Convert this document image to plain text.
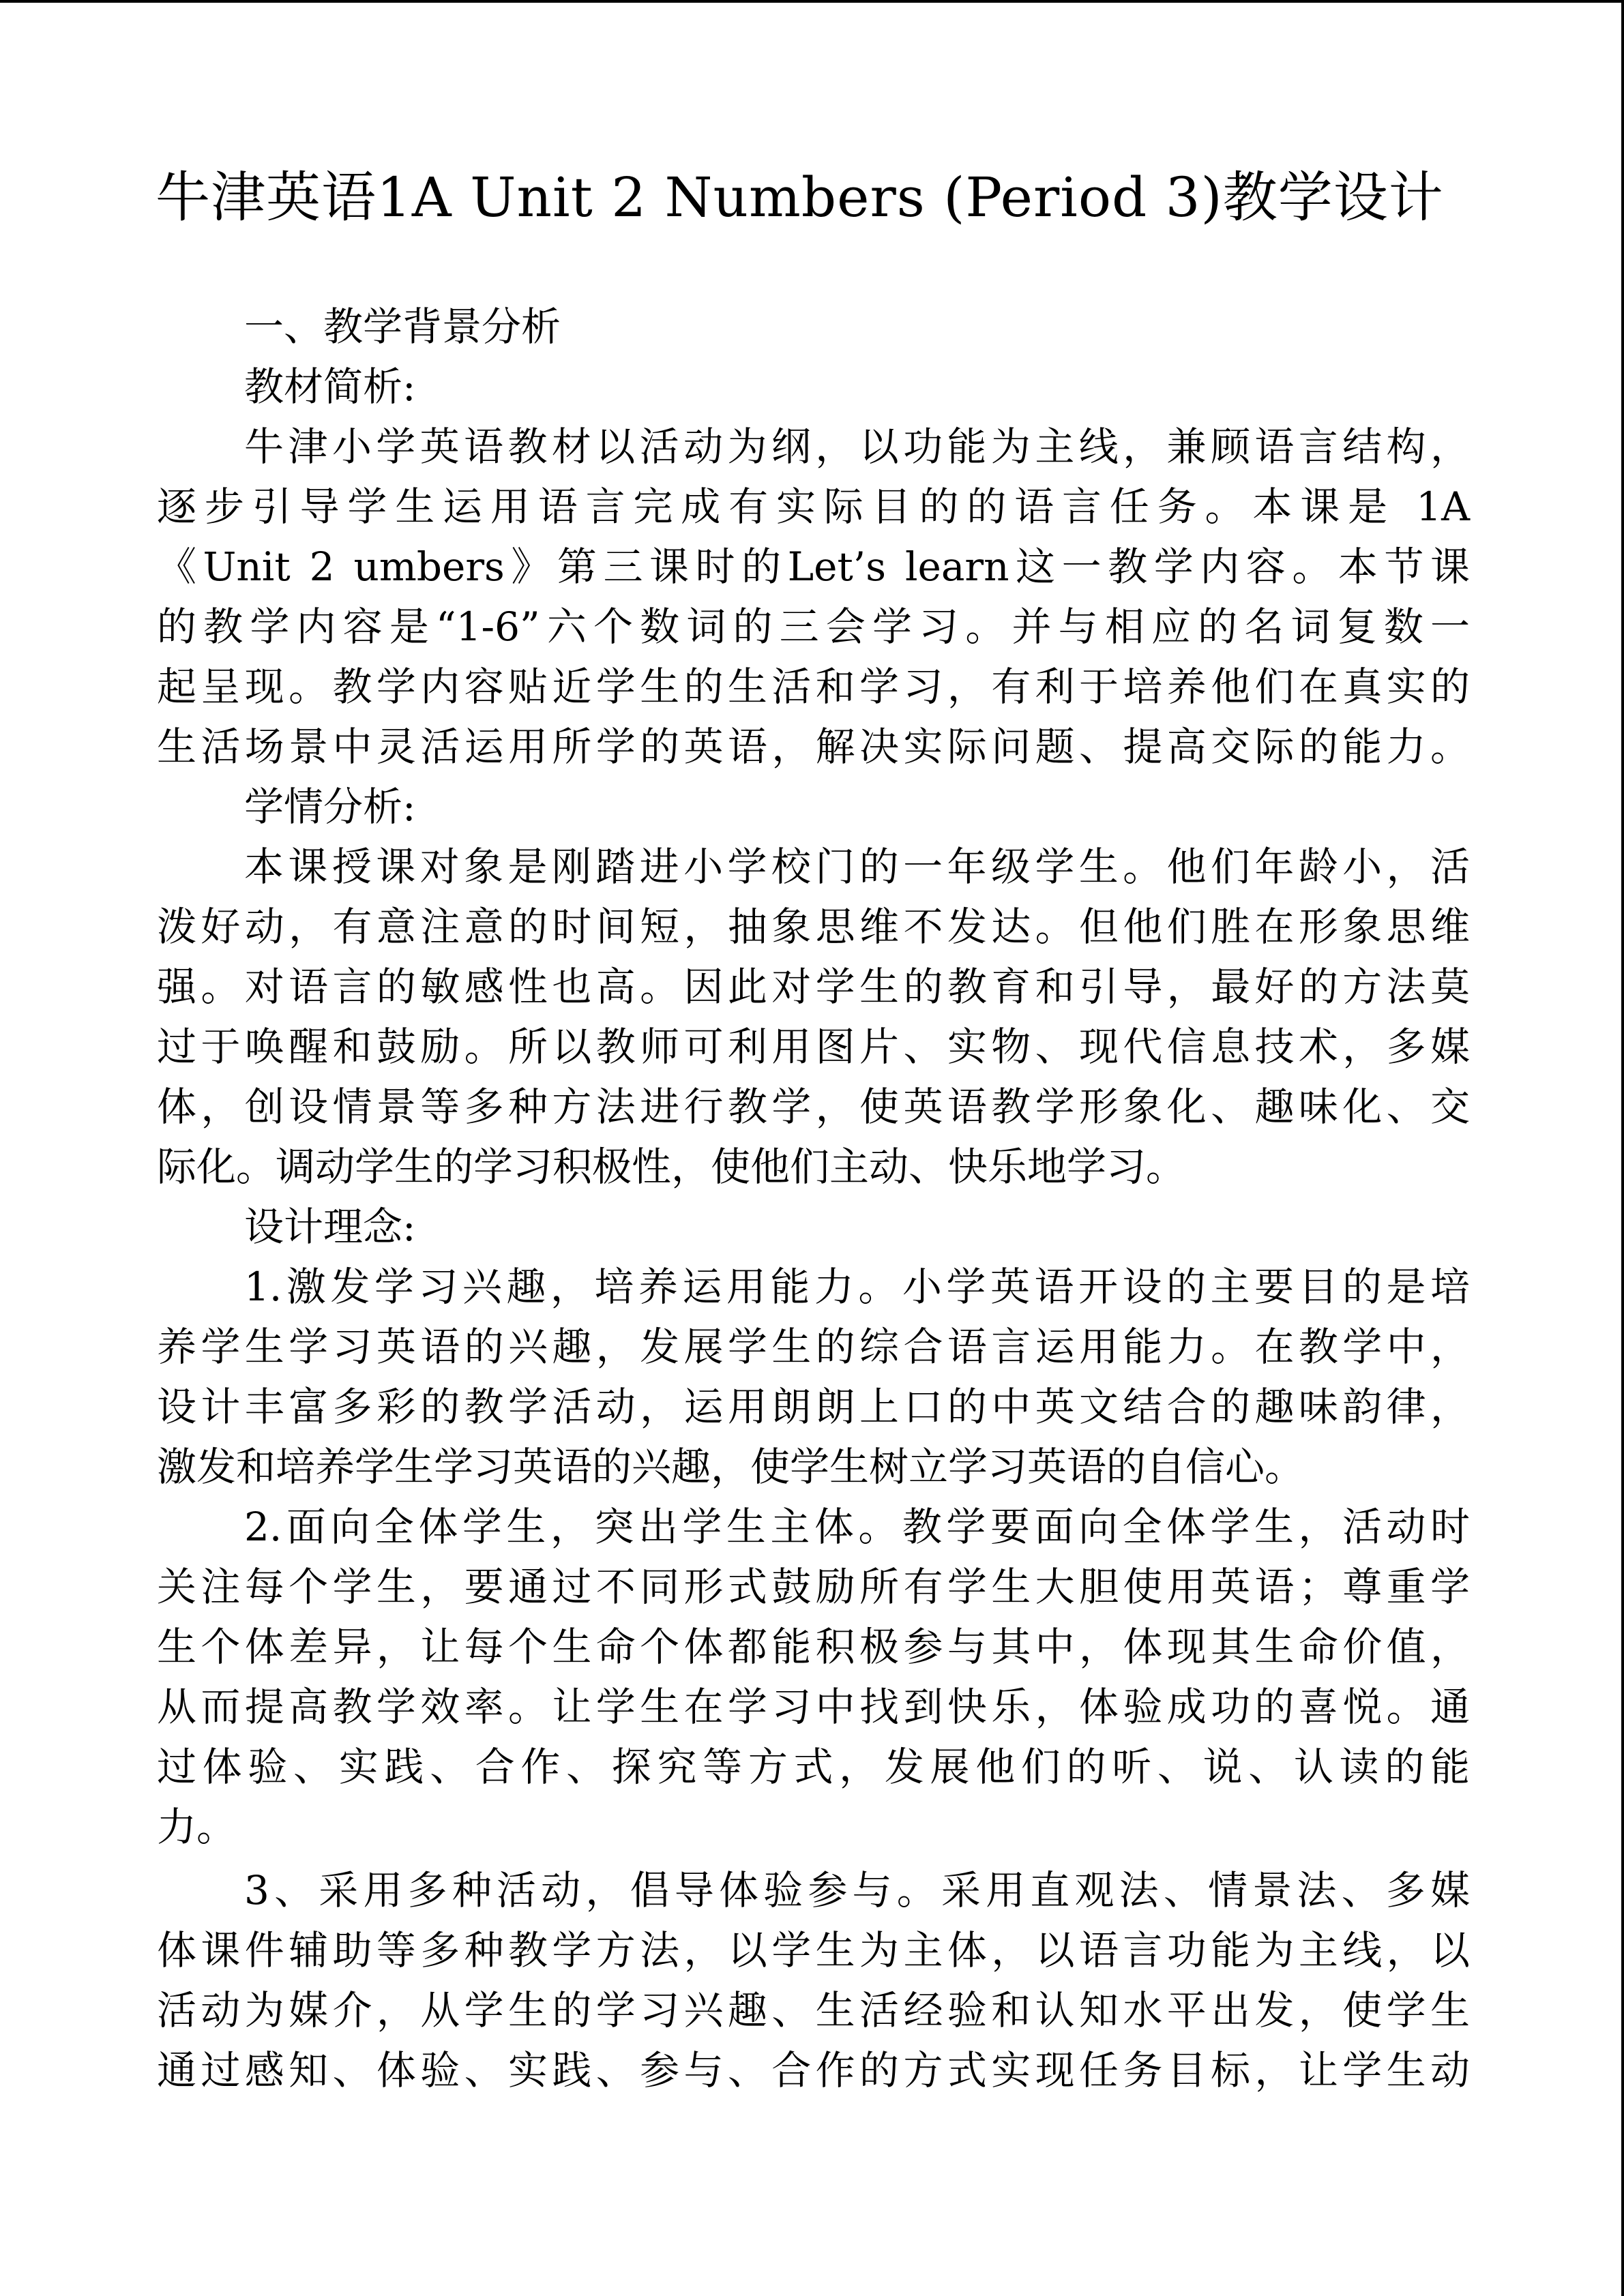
牛津英语1A Unit 2 Numbers (Period 3)教学设计
一、教学背景分析
教材简析:
牛津小学英语教材以活动为纲，以功能为主线，兼顾语言结构，
逐步引导学生运用语言完成有实际目的的语言任务。本课是 1A
《Unit 2 umbers》第三课时的Let’s learn这一教学内容。本节课
的教学内容是“1-6”六个数词的三会学习。并与相应的名词复数一
起呈现。教学内容贴近学生的生活和学习，有利于培养他们在真实的
生活场景中灵活运用所学的英语，解决实际问题、提高交际的能力。
学情分析:
本课授课对象是刚踏进小学校门的一年级学生。他们年龄小，活
泼好动，有意注意的时间短，抽象思维不发达。但他们胜在形象思维
强。对语言的敏感性也高。因此对学生的教育和引导，最好的方法莫
过于唤醒和鼓励。所以教师可利用图片、实物、现代信息技术，多媒
体，创设情景等多种方法进行教学，使英语教学形象化、趣味化、交
际化。调动学生的学习积极性，使他们主动、快乐地学习。
设计理念:
1.激发学习兴趣，培养运用能力。小学英语开设的主要目的是培
养学生学习英语的兴趣，发展学生的综合语言运用能力。在教学中，
设计丰富多彩的教学活动，运用朗朗上口的中英文结合的趣味韵律，
激发和培养学生学习英语的兴趣，使学生树立学习英语的自信心。
2.面向全体学生，突出学生主体。教学要面向全体学生，活动时
关注每个学生，要通过不同形式鼓励所有学生大胆使用英语；尊重学
生个体差异，让每个生命个体都能积极参与其中，体现其生命价值，
从而提高教学效率。让学生在学习中找到快乐，体验成功的喜悦。通
过体验、实践、合作、探究等方式，发展他们的听、说、认读的能
力。
3、采用多种活动，倡导体验参与。采用直观法、情景法、多媒
体课件辅助等多种教学方法，以学生为主体，以语言功能为主线，以
活动为媒介，从学生的学习兴趣、生活经验和认知水平出发，使学生
通过感知、体验、实践、参与、合作的方式实现任务目标，让学生动
